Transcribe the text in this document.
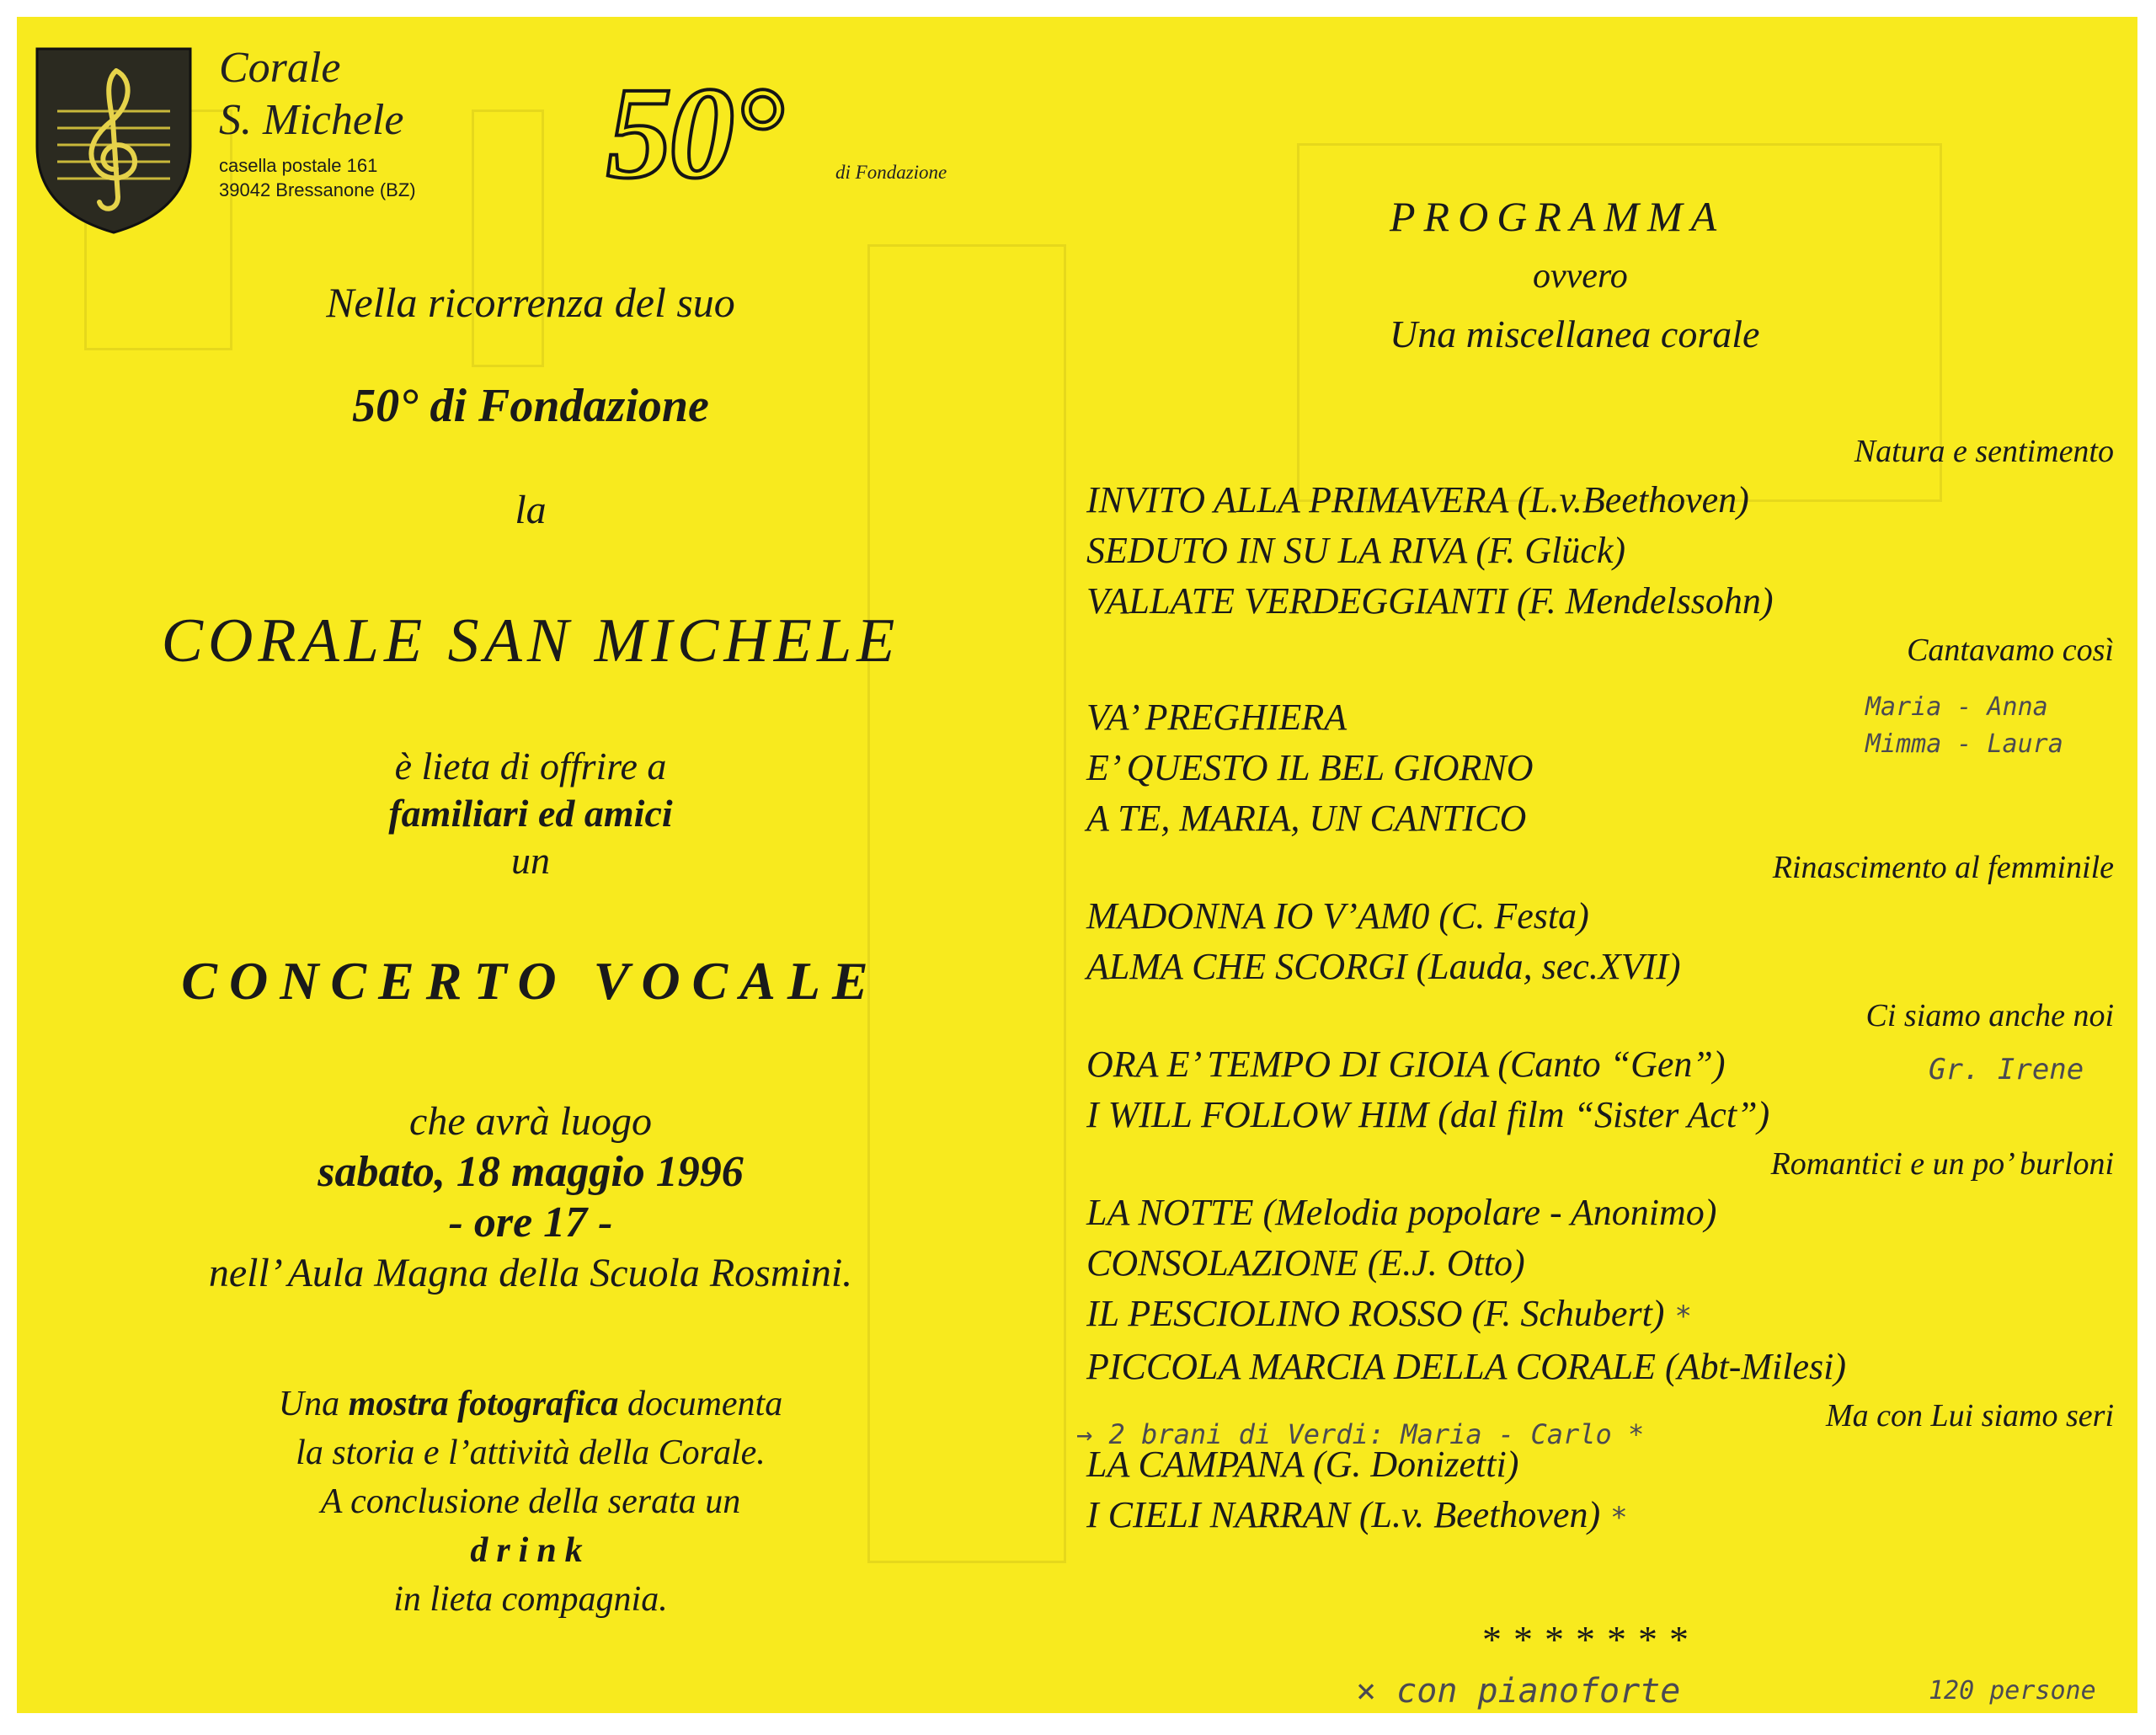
Corale
S. Michele
casella postale 161
39042 Bressanone (BZ) 50°	di Fondazione
Nella ricorrenza del suo
50° di Fondazione
la
CORALE SAN MICHELE
è lieta di offrire a
familiari ed amici
un
CONCERTO VOCALE
che avrà luogo
sabato, 18 maggio 1996
- ore 17 -
nell’ Aula Magna della Scuola Rosmini.
Una mostra fotografica documenta
la storia e l’attività della Corale.
A conclusione della serata un
drink
in lieta compagnia.
PROGRAMMA
ovvero
Una miscellanea corale
Natura e sentimento
INVITO ALLA PRIMAVERA (L.v.Beethoven)
SEDUTO IN SU LA RIVA (F. Glück)
VALLATE VERDEGGIANTI (F. Mendelssohn)
Cantavamo così
VA’ PREGHIERA
E’ QUESTO IL BEL GIORNO
A TE, MARIA, UN CANTICO
Rinascimento al femminile
MADONNA IO V’AM0 (C. Festa)
ALMA CHE SCORGI (Lauda, sec.XVII)
Ci siamo anche noi
ORA E’ TEMPO DI GIOIA (Canto “Gen”)
I WILL FOLLOW HIM (dal film “Sister Act”)
Romantici e un po’ burloni
LA NOTTE (Melodia popolare - Anonimo)
CONSOLAZIONE (E.J. Otto)
IL PESCIOLINO ROSSO (F. Schubert) *
PICCOLA MARCIA DELLA CORALE (Abt-Milesi)
Ma con Lui siamo seri
LA CAMPANA (G. Donizetti)
I CIELI NARRAN (L.v. Beethoven) *
*******
Maria - Anna
Mimma - Laura
Gr. Irene
→ 2 brani di Verdi: Maria - Carlo *
× con pianoforte	120 persone
